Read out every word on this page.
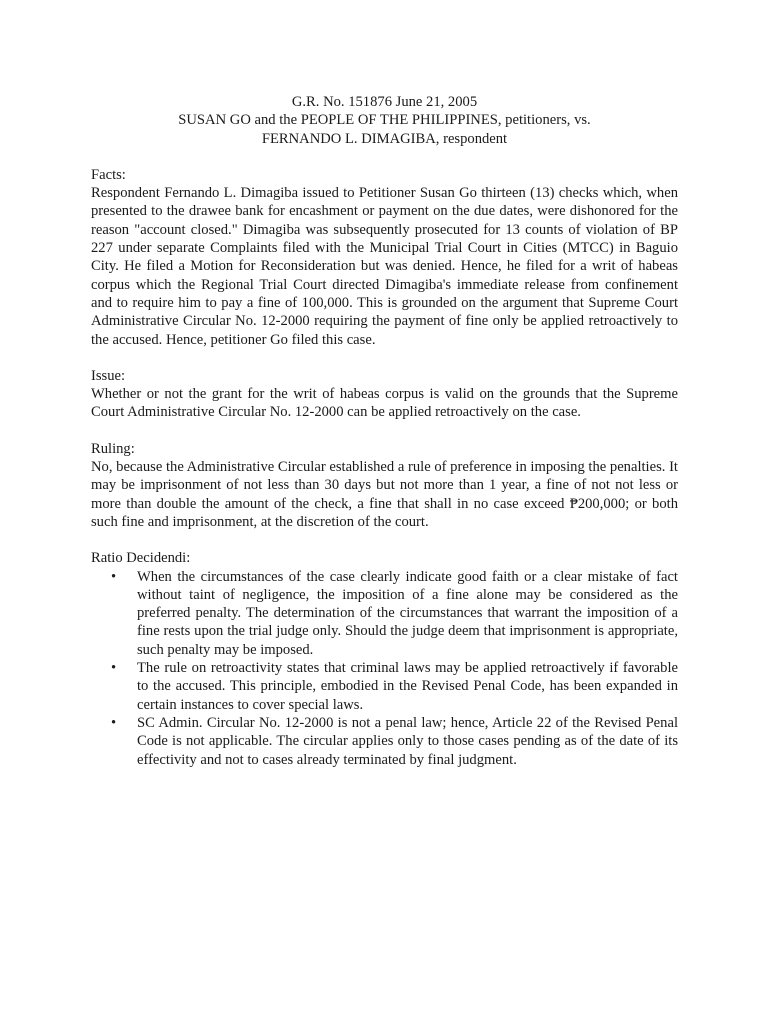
G.R. No. 151876 June 21, 2005
SUSAN GO and the PEOPLE OF THE PHILIPPINES, petitioners, vs.
FERNANDO L. DIMAGIBA, respondent
Facts:

Respondent Fernando L. Dimagiba issued to Petitioner Susan Go thirteen (13) checks which, when presented to the drawee bank for encashment or payment on the due dates, were dishonored for the reason "account closed." Dimagiba was subsequently prosecuted for 13 counts of violation of BP 227 under separate Complaints filed with the Municipal Trial Court in Cities (MTCC) in Baguio City. He filed a Motion for Reconsideration but was denied. Hence, he filed for a writ of habeas corpus which the Regional Trial Court directed Dimagiba's immediate release from confinement and to require him to pay a fine of 100,000. This is grounded on the argument that Supreme Court Administrative Circular No. 12-2000 requiring the payment of fine only be applied retroactively to the accused. Hence, petitioner Go filed this case.

Issue:

Whether or not the grant for the writ of habeas corpus is valid on the grounds that the Supreme Court Administrative Circular No. 12-2000 can be applied retroactively on the case.

Ruling:

No, because the Administrative Circular established a rule of preference in imposing the penalties. It may be imprisonment of not less than 30 days but not more than 1 year, a fine of not not less or more than double the amount of the check, a fine that shall in no case exceed ₱200,000; or both such fine and imprisonment, at the discretion of the court.

Ratio Decidendi:
•	When the circumstances of the case clearly indicate good faith or a clear mistake of fact without taint of negligence, the imposition of a fine alone may be considered as the preferred penalty. The determination of the circumstances that warrant the imposition of a fine rests upon the trial judge only. Should the judge deem that imprisonment is appropriate, such penalty may be imposed.
•	The rule on retroactivity states that criminal laws may be applied retroactively if favorable to the accused. This principle, embodied in the Revised Penal Code, has been expanded in certain instances to cover special laws.
•	SC Admin. Circular No. 12-2000 is not a penal law; hence, Article 22 of the Revised Penal Code is not applicable. The circular applies only to those cases pending as of the date of its effectivity and not to cases already terminated by final judgment.
